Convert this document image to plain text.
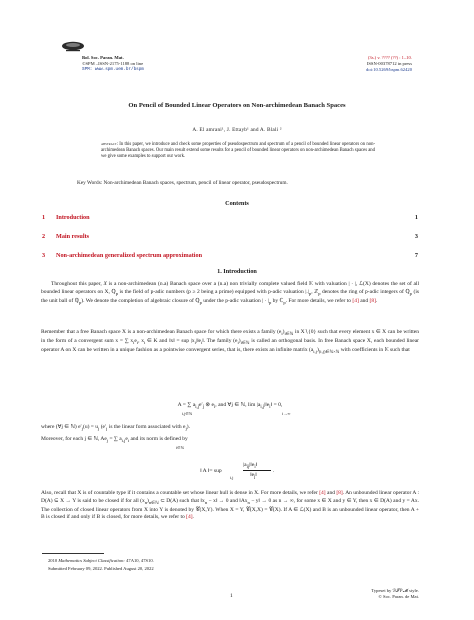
Bol. Soc. Paran. Mat.
©SPM –ISSN-2175-1188 on line
SPM: www.spm.uem.br/bspm
(3s.) v. ???? (??) : 1–10.
ISSN-00378712 in press
doi:10.5269/bspm.62420
On Pencil of Bounded Linear Operators on Non-archimedean Banach Spaces
A. El amrani¹, J. Ettayb¹ and A. Blali ²
abstract: In this paper, we introduce and check some properties of pseudospectrum and spectrum of a pencil of bounded linear operators on non-archimedean Banach spaces. Our main result extend some results for a pencil of bounded linear operators on non-archimedean Banach spaces and we give some examples to support our work.
Key Words: Non-archimedean Banach spaces, spectrum, pencil of linear operator, pseudospectrum.
Contents
1 Introduction	1
2 Main results	3
3 Non-archimedean generalized spectrum approximation	7
1. Introduction
Throughout this paper, X is a non-archimedean (n.a) Banach space over a (n.a) non trivially complete valued field 𝕂 with valuation | · |, ℒ(X) denotes the set of all bounded linear operators on X, ℚ$_p$ is the field of p-adic numbers (p ≥ 2 being a prime) equipped with p-adic valuation $|.|_p$, ℤ$_p$ denotes the ring of p-adic integers of ℚ$_p$ (is the unit ball of ℚ$_p$). We denote the completion of algebraic closure of ℚ$_p$ under the p-adic valuation | · $|_p$ by ℂ$_p$. For more details, we refer to [4] and [8].
Remember that a free Banach space X is a non-archimedean Banach space for which there exists a family $(e_i)_{i\in ℕ}$ in X∖{0} such that every element x ∈ X can be written in the form of a convergent sum x = ∑ $x_ie_i$, $x_i$ ∈ K and ‖x‖ = sup $|x_i|‖e_i‖$. The family $(e_i)_{i\in ℕ}$ is called an orthogonal basis. In free Banach space X, each bounded linear operator A on X can be written in a unique fashion as a pointwise convergent series, that is, there exists an infinite matrix $(a_{i,j})_{(i,j)\in ℕ\times ℕ}$ with coefficients in 𝕂 such that
A = ∑ $a_{i,j}e'_j$ ⊗ $e_i$, and ∀j ∈ ℕ, $\lim |a_{i,j}|‖e_i‖ = 0$,
i,j∈ℕ	i→∞
where (∀j ∈ ℕ) $e'_j(u) = u_j$ ($e'_j$ is the linear form associated with $e_j$).
Moreover, for each j ∈ ℕ, $Ae_j$ = ∑ $a_{i,j}e_i$ and its norm is defined by
i∈ℕ
‖ A ‖= sup
i,j
$|a_{ij}|‖e_i‖$
$‖e_j‖$
.
Also, recall that X is of countable type if it contains a countable set whose linear hull is dense in X. For more details, we refer [4] and [8]. An unbounded linear operator A : D(A) ⊆ X → Y is said to be closed if for all $(x_n)_{n\in ℕ}$ ⊂ D(A) such that $‖x_n$ − x‖ → 0 and $‖Ax_n$ − y‖ → 0 as n → ∞, for some x ∈ X and y ∈ Y, then x ∈ D(A) and y = Ax. The collection of closed linear operators from X into Y is denoted by 𝒞(X,Y). When X = Y, 𝒞(X,X) = 𝒞(X). If A ∈ ℒ(X) and B is an unbounded linear operator, then A + B is closed if and only if B is closed, for more details, we refer to [4].
2010 Mathematics Subject Classification: 47A10, 47S10.
Submitted February 09, 2022. Published August 20, 2022
1
Typeset by ℬ𝒮ℙ𝓜 style.
© Soc. Paran. de Mat.
